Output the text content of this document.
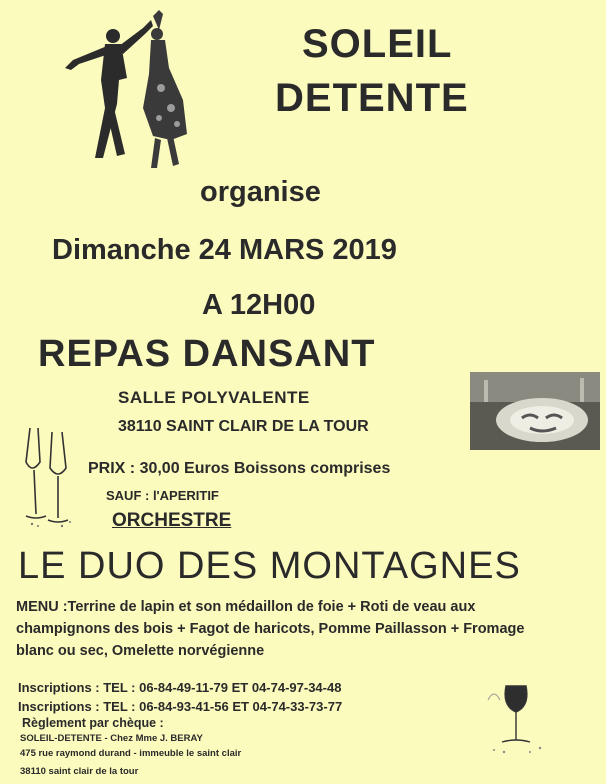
SOLEIL
DETENTE
organise
Dimanche 24 MARS 2019
A 12H00
REPAS DANSANT
SALLE POLYVALENTE
38110 SAINT CLAIR DE LA TOUR
PRIX : 30,00 Euros Boissons comprises
SAUF : l'APERITIF
ORCHESTRE
LE DUO DES MONTAGNES
MENU :Terrine de lapin et son médaillon de foie + Roti de veau aux champignons des bois + Fagot de haricots, Pomme Paillasson + Fromage blanc ou sec, Omelette norvégienne
Inscriptions : TEL : 06-84-49-11-79 ET 04-74-97-34-48
Inscriptions : TEL : 06-84-93-41-56 ET 04-74-33-73-77
Règlement par chèque :
SOLEIL-DETENTE - Chez Mme J. BERAY
475 rue raymond durand - immeuble le saint clair
38110 saint clair de la tour
